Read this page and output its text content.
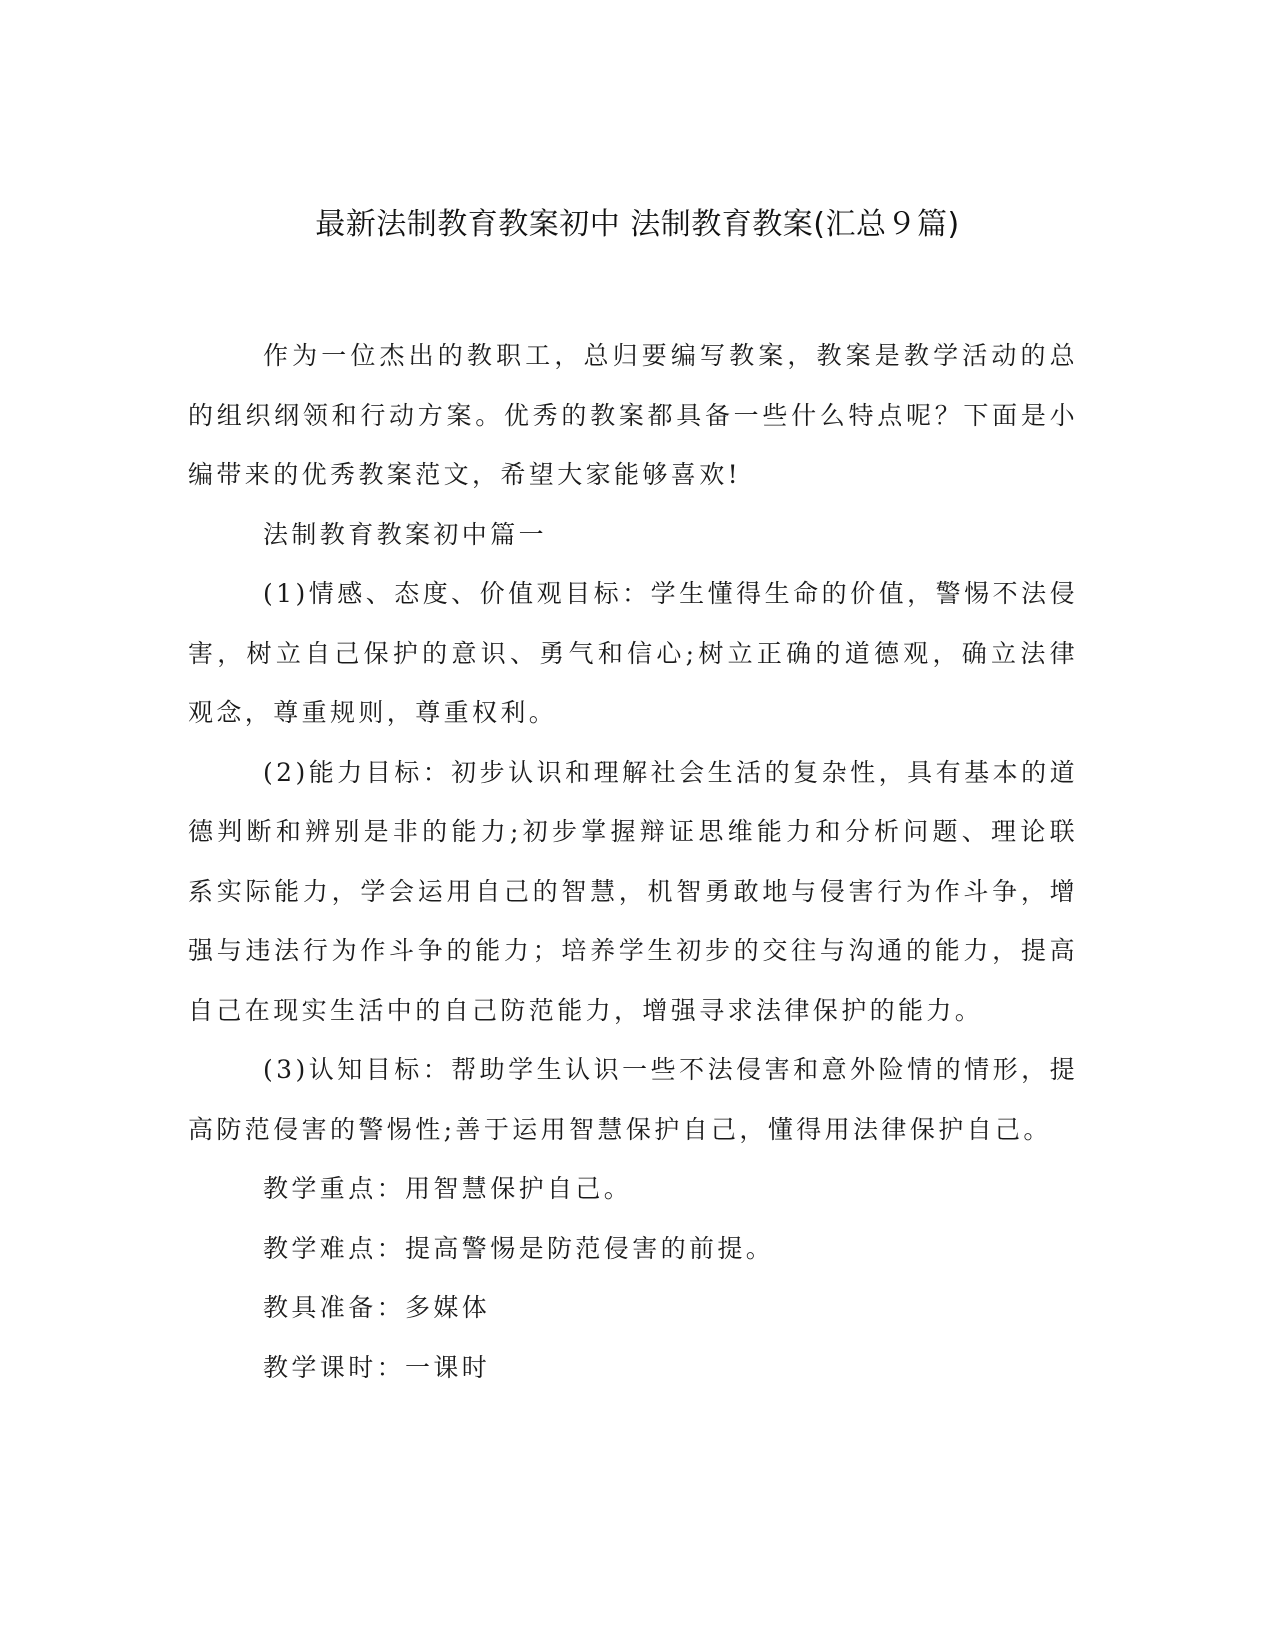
最新法制教育教案初中 法制教育教案(汇总９篇)

作为一位杰出的教职工，总归要编写教案，教案是教学活动的总的组织纲领和行动方案。优秀的教案都具备一些什么特点呢？下面是小编带来的优秀教案范文，希望大家能够喜欢!

法制教育教案初中篇一

(1)情感、态度、价值观目标：学生懂得生命的价值，警惕不法侵害，树立自己保护的意识、勇气和信心;树立正确的道德观，确立法律观念，尊重规则，尊重权利。

(2)能力目标：初步认识和理解社会生活的复杂性，具有基本的道德判断和辨别是非的能力;初步掌握辩证思维能力和分析问题、理论联系实际能力，学会运用自己的智慧，机智勇敢地与侵害行为作斗争，增强与违法行为作斗争的能力；培养学生初步的交往与沟通的能力，提高自己在现实生活中的自己防范能力，增强寻求法律保护的能力。

(3)认知目标：帮助学生认识一些不法侵害和意外险情的情形，提高防范侵害的警惕性;善于运用智慧保护自己，懂得用法律保护自己。

教学重点：用智慧保护自己。

教学难点：提高警惕是防范侵害的前提。

教具准备：多媒体

教学课时：一课时
